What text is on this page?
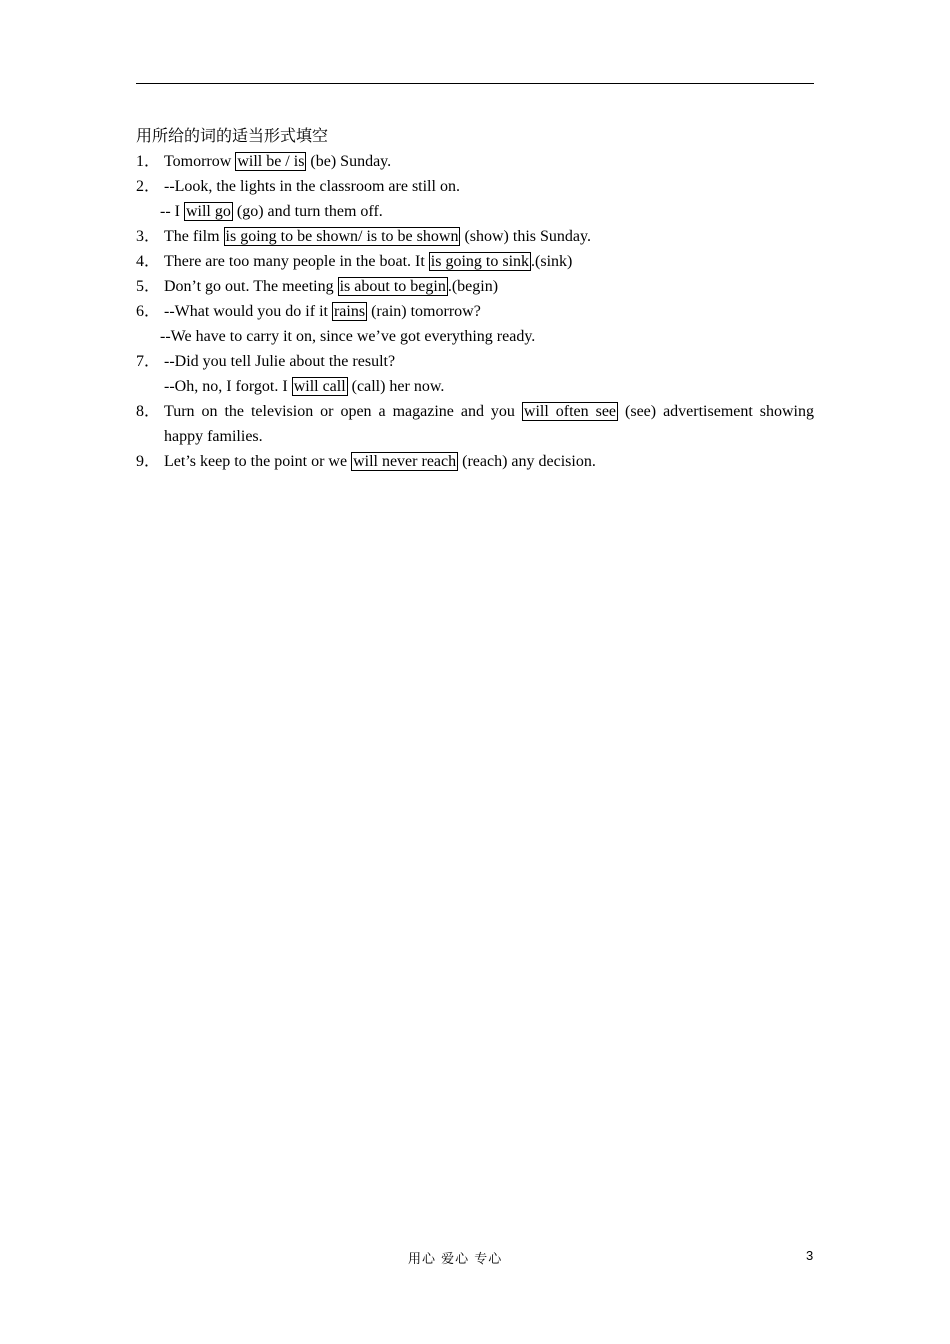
用所给的词的适当形式填空
1． Tomorrow will be / is (be) Sunday.
2． --Look, the lights in the classroom are still on.
-- I will go (go) and turn them off.
3． The film is going to be shown/ is to be shown (show) this Sunday.
4． There are too many people in the boat. It is going to sink .(sink)
5． Don’t go out. The meeting is about to begin .(begin)
6． --What would you do if it rains (rain) tomorrow?
--We have to carry it on, since we’ve got everything ready.
7． --Did you tell Julie about the result?
--Oh, no, I forgot. I will call (call) her now.
8． Turn on the television or open a magazine and you will often see (see) advertisement showing
happy families.
9． Let’s keep to the point or we will never reach (reach) any decision.
用心 爱心 专心	3
